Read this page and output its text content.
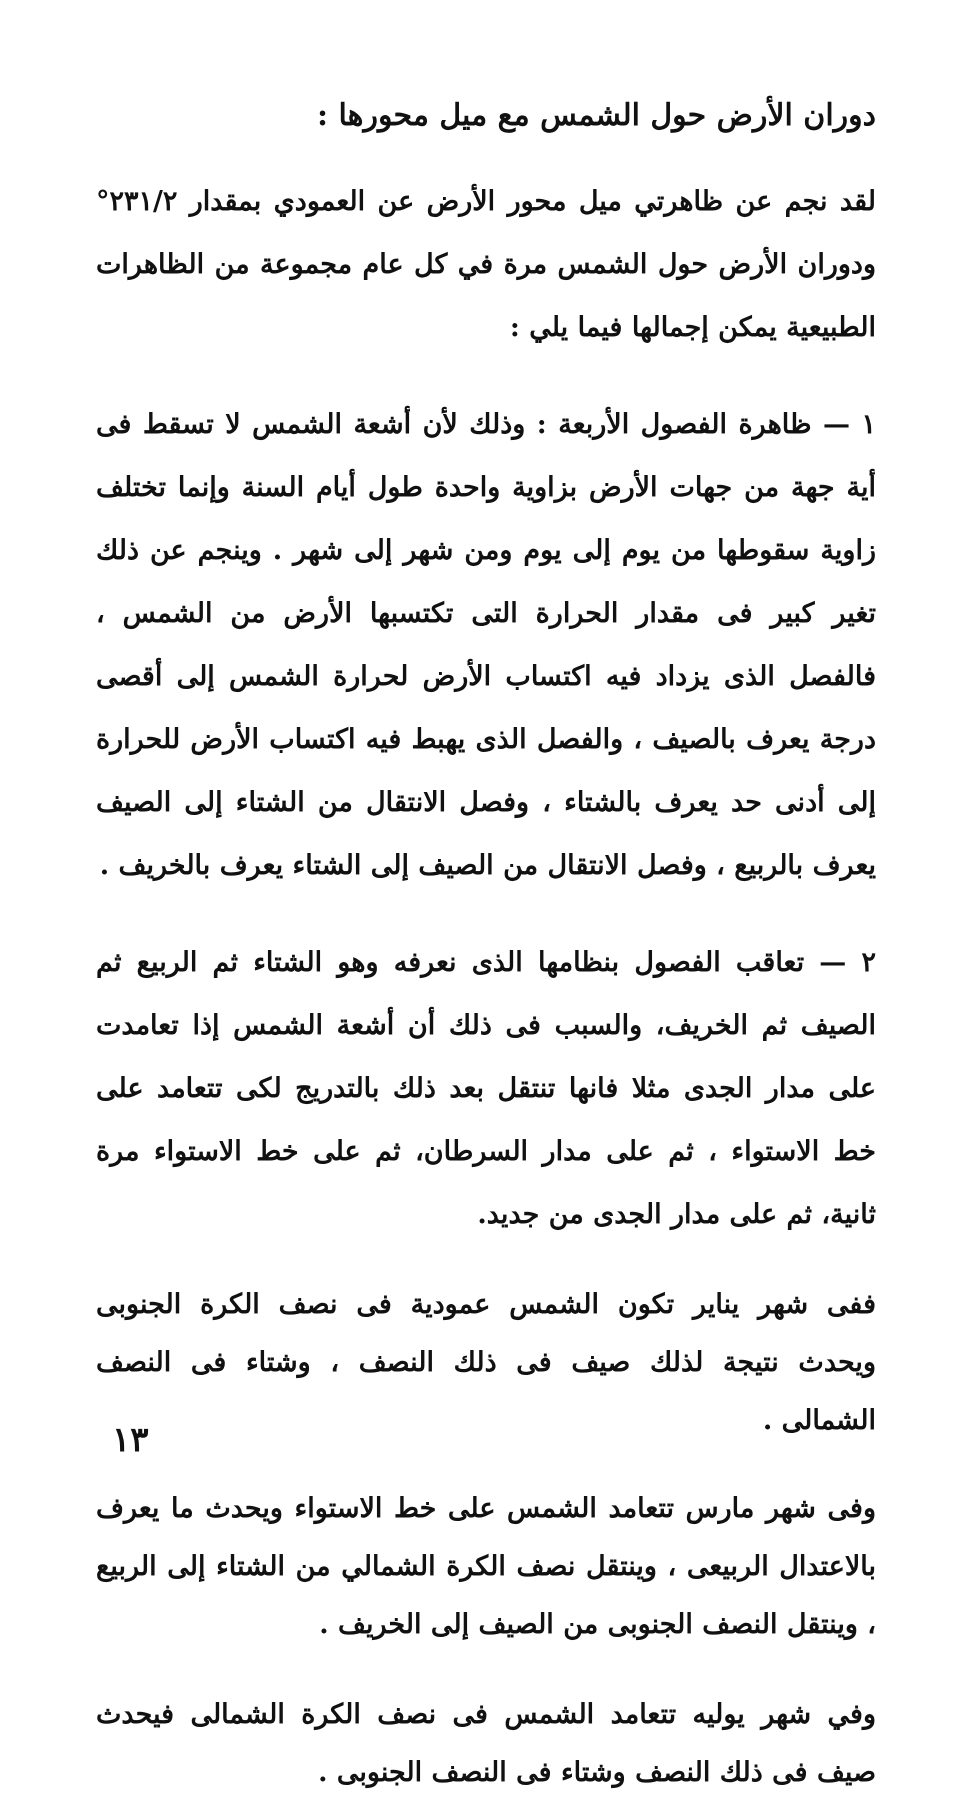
دوران الأرض حول الشمس مع ميل محورها :

لقد نجم عن ظاهرتي ميل محور الأرض عن العمودي بمقدار ٢٣١/٢° ودوران الأرض حول الشمس مرة في كل عام مجموعة من الظاهرات الطبيعية يمكن إجمالها فيما يلي :

١ — ظاهرة الفصول الأربعة : وذلك لأن أشعة الشمس لا تسقط فى أية جهة من جهات الأرض بزاوية واحدة طول أيام السنة وإنما تختلف زاوية سقوطها من يوم إلى يوم ومن شهر إلى شهر . وينجم عن ذلك تغير كبير فى مقدار الحرارة التى تكتسبها الأرض من الشمس ، فالفصل الذى يزداد فيه اكتساب الأرض لحرارة الشمس إلى أقصى درجة يعرف بالصيف ، والفصل الذى يهبط فيه اكتساب الأرض للحرارة إلى أدنى حد يعرف بالشتاء ، وفصل الانتقال من الشتاء إلى الصيف يعرف بالربيع ، وفصل الانتقال من الصيف إلى الشتاء يعرف بالخريف .

٢ — تعاقب الفصول بنظامها الذى نعرفه وهو الشتاء ثم الربيع ثم الصيف ثم الخريف، والسبب فى ذلك أن أشعة الشمس إذا تعامدت على مدار الجدى مثلا فانها تنتقل بعد ذلك بالتدريج لكى تتعامد على خط الاستواء ، ثم على مدار السرطان، ثم على خط الاستواء مرة ثانية، ثم على مدار الجدى من جديد.

ففى شهر يناير تكون الشمس عمودية فى نصف الكرة الجنوبى ويحدث نتيجة لذلك صيف فى ذلك النصف ، وشتاء فى النصف الشمالى .

وفى شهر مارس تتعامد الشمس على خط الاستواء ويحدث ما يعرف بالاعتدال الربيعى ، وينتقل نصف الكرة الشمالي من الشتاء إلى الربيع ، وينتقل النصف الجنوبى من الصيف إلى الخريف .

وفي شهر يوليه تتعامد الشمس فى نصف الكرة الشمالى فيحدث صيف فى ذلك النصف وشتاء فى النصف الجنوبى .

١٣
